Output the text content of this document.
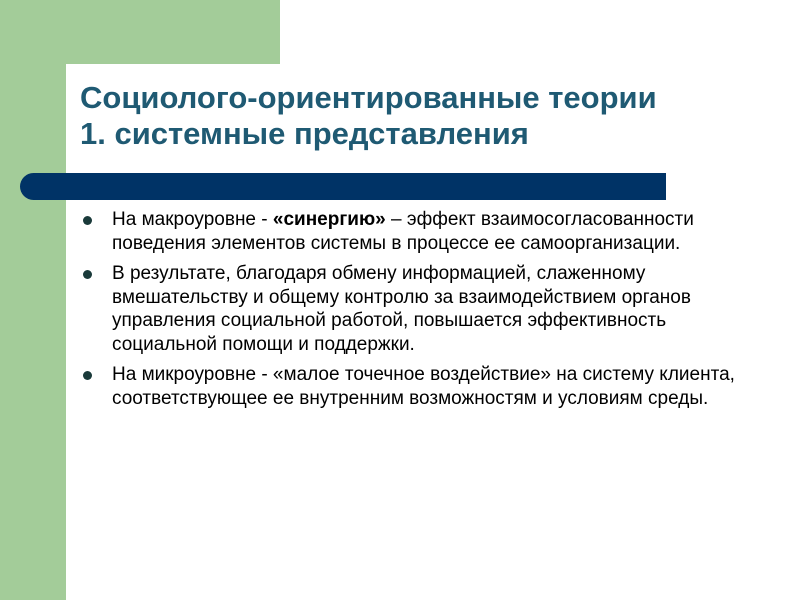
Социолого-ориентированные теории
1. системные представления
На макроуровне - «синергию» – эффект взаимосогласованности поведения элементов системы в процессе ее самоорганизации.
В результате, благодаря обмену информацией, слаженному вмешательству и общему контролю за взаимодействием органов управления социальной работой, повышается эффективность социальной помощи и поддержки.
На микроуровне - «малое точечное воздействие» на систему клиента, соответствующее ее внутренним возможностям и условиям среды.
